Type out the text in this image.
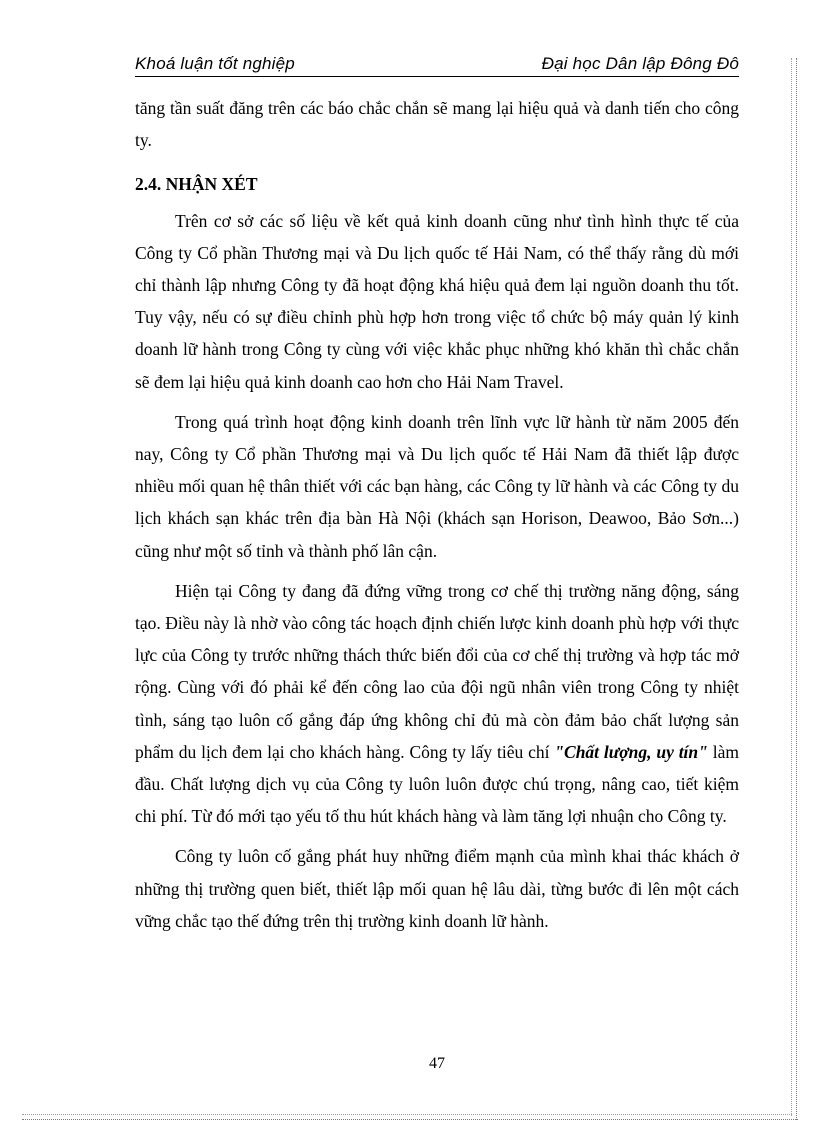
Khoá luận tốt nghiệp	Đại học Dân lập Đông Đô

tăng tần suất đăng trên các báo chắc chắn sẽ mang lại hiệu quả và danh tiến cho công ty.

2.4. NHẬN XÉT

Trên cơ sở các số liệu về kết quả kinh doanh cũng như tình hình thực tế của Công ty Cổ phần Thương mại và Du lịch quốc tế Hải Nam, có thể thấy rằng dù mới chỉ thành lập nhưng Công ty đã hoạt động khá hiệu quả đem lại nguồn doanh thu tốt. Tuy vậy, nếu có sự điều chỉnh phù hợp hơn trong việc tổ chức bộ máy quản lý kinh doanh lữ hành trong Công ty cùng với việc khắc phục những khó khăn thì chắc chắn sẽ đem lại hiệu quả kinh doanh cao hơn cho Hải Nam Travel.

Trong quá trình hoạt động kinh doanh trên lĩnh vực lữ hành từ năm 2005 đến nay, Công ty Cổ phần Thương mại và Du lịch quốc tế Hải Nam đã thiết lập được nhiều mối quan hệ thân thiết với các bạn hàng, các Công ty lữ hành và các Công ty du lịch khách sạn khác trên địa bàn Hà Nội (khách sạn Horison, Deawoo, Bảo Sơn...) cũng như một số tỉnh và thành phố lân cận.

Hiện tại Công ty đang đã đứng vững trong cơ chế thị trường năng động, sáng tạo. Điều này là nhờ vào công tác hoạch định chiến lược kinh doanh phù hợp với thực lực của Công ty trước những thách thức biến đổi của cơ chế thị trường và hợp tác mở rộng. Cùng với đó phải kể đến công lao của đội ngũ nhân viên trong Công ty nhiệt tình, sáng tạo luôn cố gắng đáp ứng không chỉ đủ mà còn đảm bảo chất lượng sản phẩm du lịch đem lại cho khách hàng. Công ty lấy tiêu chí "Chất lượng, uy tín" làm đầu. Chất lượng dịch vụ của Công ty luôn luôn được chú trọng, nâng cao, tiết kiệm chi phí. Từ đó mới tạo yếu tố thu hút khách hàng và làm tăng lợi nhuận cho Công ty.

Công ty luôn cố gắng phát huy những điểm mạnh của mình khai thác khách ở những thị trường quen biết, thiết lập mối quan hệ lâu dài, từng bước đi lên một cách vững chắc tạo thế đứng trên thị trường kinh doanh lữ hành.

47
